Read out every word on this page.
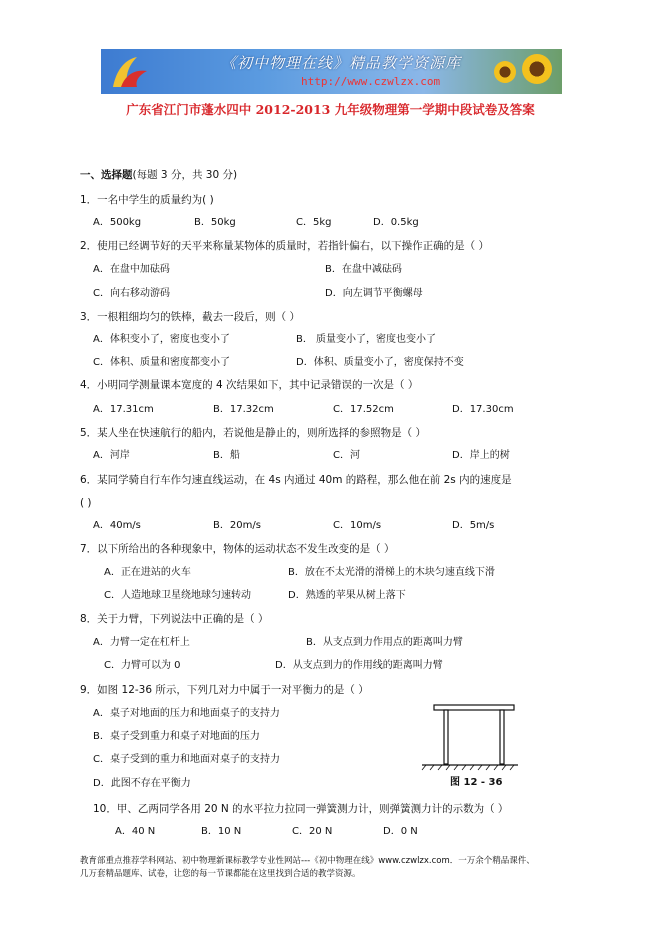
《初中物理在线》精品教学资源库
http://www.czwlzx.com
广东省江门市蓬水四中 2012-2013 九年级物理第一学期中段试卷及答案
一、选择题(每题 3 分，共 30 分)
1．一名中学生的质量约为( )
A．500kg	B．50kg	C．5kg	D．0.5kg
2．使用已经调节好的天平来称量某物体的质量时，若指针偏右，以下操作正确的是（ ）
A．在盘中加砝码	B．在盘中减砝码
C．向右移动游码	D．向左调节平衡螺母
3．一根粗细均匀的铁棒，截去一段后，则（ ）
A．体积变小了，密度也变小了	B． 质量变小了，密度也变小了
C．体积、质量和密度都变小了	D．体积、质量变小了，密度保持不变
4．小明同学测量课本宽度的 4 次结果如下，其中记录错误的一次是（ ）
A．17.31cm	B．17.32cm	C．17.52cm	D．17.30cm
5．某人坐在快速航行的船内，若说他是静止的，则所选择的参照物是（ ）
A．河岸	B．船	C．河	D．岸上的树
6．某同学骑自行车作匀速直线运动，在 4s 内通过 40m 的路程，那么他在前 2s 内的速度是
( )
A．40m/s	B．20m/s	C．10m/s	D．5m/s
7．以下所给出的各种现象中，物体的运动状态不发生改变的是（ ）
A．正在进站的火车	B．放在不太光滑的滑梯上的木块匀速直线下滑
C．人造地球卫星绕地球匀速转动	D．熟透的苹果从树上落下
8．关于力臂，下列说法中正确的是（ ）
A．力臂一定在杠杆上	B．从支点到力作用点的距离叫力臂
C．力臂可以为 0	D．从支点到力的作用线的距离叫力臂
9．如图 12-36 所示，下列几对力中属于一对平衡力的是（ ）
A．桌子对地面的压力和地面桌子的支持力
B．桌子受到重力和桌子对地面的压力
C．桌子受到的重力和地面对桌子的支持力
D．此图不存在平衡力	图 12 - 36
10．甲、乙两同学各用 20 N 的水平拉力拉同一弹簧测力计，则弹簧测力计的示数为（ ）
A．40 N	B．10 N	C．20 N	D．0 N
教育部重点推荐学科网站、初中物理新课标教学专业性网站---《初中物理在线》www.czwlzx.com．一万余个精品课件、
几万套精品题库、试卷，让您的每一节课都能在这里找到合适的教学资源。
